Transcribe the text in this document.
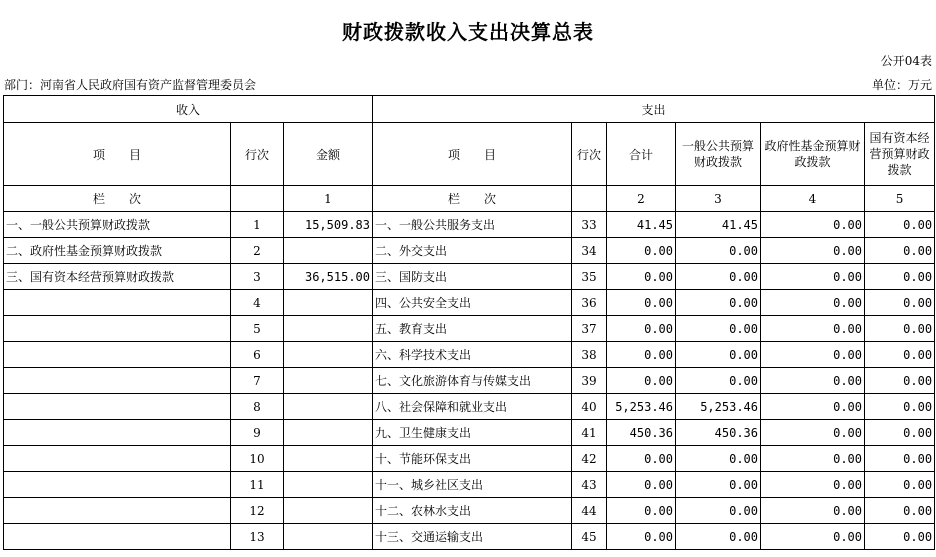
财政拨款收入支出决算总表
公开04表
部门：河南省人民政府国有资产监督管理委员会	单位：万元
收入			支出					
项　　目	行次	金额	项　　目	行次	合计	一般公共预算财政拨款	政府性基金预算财政拨款	国有资本经营预算财政拨款
栏　　次		1	栏　　次		2	3	4	5
一、一般公共预算财政拨款	1	15,509.83	一、一般公共服务支出	33	41.45	41.45	0.00	0.00
二、政府性基金预算财政拨款	2		二、外交支出	34	0.00	0.00	0.00	0.00
三、国有资本经营预算财政拨款	3	36,515.00	三、国防支出	35	0.00	0.00	0.00	0.00
	4		四、公共安全支出	36	0.00	0.00	0.00	0.00
	5		五、教育支出	37	0.00	0.00	0.00	0.00
	6		六、科学技术支出	38	0.00	0.00	0.00	0.00
	7		七、文化旅游体育与传媒支出	39	0.00	0.00	0.00	0.00
	8		八、社会保障和就业支出	40	5,253.46	5,253.46	0.00	0.00
	9		九、卫生健康支出	41	450.36	450.36	0.00	0.00
	10		十、节能环保支出	42	0.00	0.00	0.00	0.00
	11		十一、城乡社区支出	43	0.00	0.00	0.00	0.00
	12		十二、农林水支出	44	0.00	0.00	0.00	0.00
	13		十三、交通运输支出	45	0.00	0.00	0.00	0.00
